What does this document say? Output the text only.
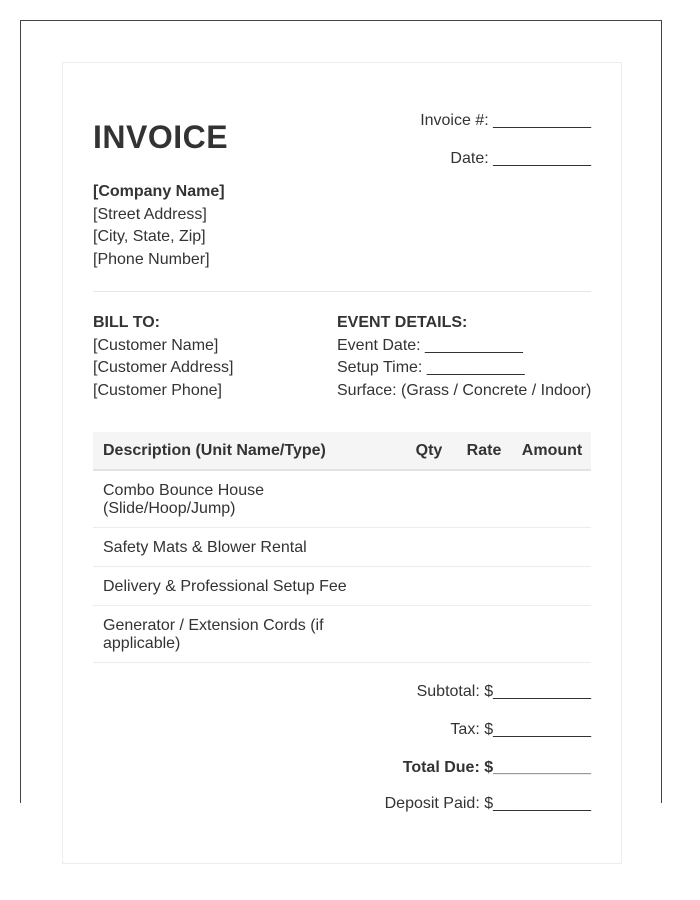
INVOICE	Invoice #: ___________
Date: ___________
[Company Name]
[Street Address]
[City, State, Zip]
[Phone Number]
BILL TO:
[Customer Name]
[Customer Address]
[Customer Phone]
EVENT DETAILS:
Event Date: ___________
Setup Time: ___________
Surface: (Grass / Concrete / Indoor)
Description (Unit Name/Type)	Qty	Rate	Amount
Combo Bounce House (Slide/Hoop/Jump)			
Safety Mats & Blower Rental			
Delivery & Professional Setup Fee			
Generator / Extension Cords (if applicable)			
Subtotal: $___________
Tax: $___________
Total Due: $___________
Deposit Paid: $___________
